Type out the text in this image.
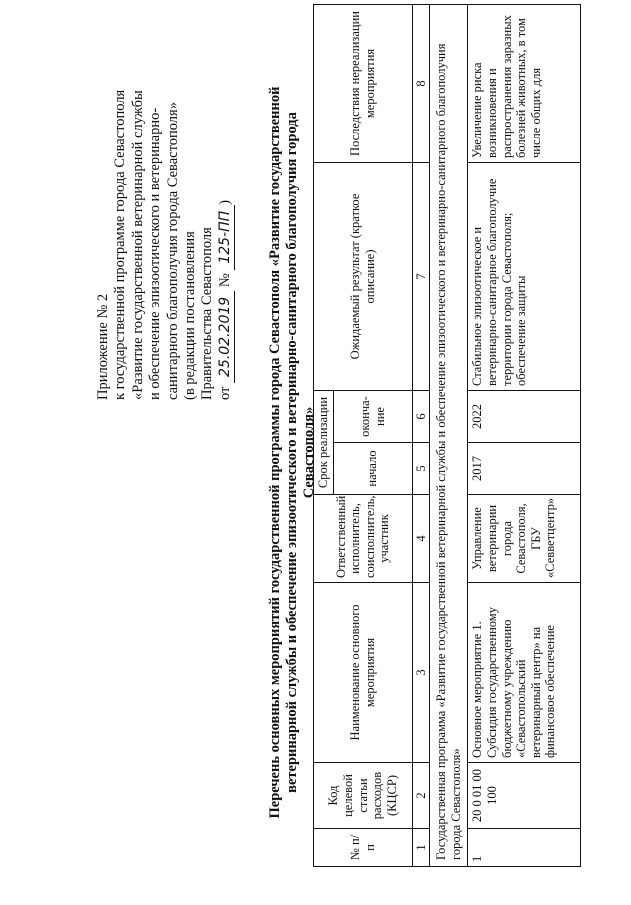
Приложение № 2 к государственной программе города Севастополя «Развитие государственной ветеринарной службы и обеспечение эпизоотического и ветеринарно- санитарного благополучия города Севастополя» (в редакции постановления Правительства Севастополя от 25.02.2019 № 125-ПП) Перечень основных мероприятий государственной программы города Севастополя «Развитие государственной ветеринарной службы и обеспечение эпизоотического и ветеринарно-санитарного благополучия города Севастополя»
№ п/п	Код целевой статьи расходов (КЦСР)	Наименование основного мероприятия	Ответственный исполнитель, соисполнитель, участник	Срок реализации		Ожидаемый результат (краткое описание)	Последствия нереализации мероприятия
				начало	оконча-ние		
1	2	3	4	5	6	7	8
Государственная программа «Развитие государственной ветеринарной службы и обеспечение эпизоотического и ветеринарно-санитарного благополучия города Севастополя»							
1	20 0 01 00 100	Основное мероприятие 1. Субсидия государственному бюджетному учреждению «Севастопольский ветеринарный центр» на финансовое обеспечение	Управление ветеринарии города Севастополя, ГБУ «Севветцентр»	2017	2022	Стабильное эпизоотическое и ветеринарно-санитарное благополучие территории города Севастополя; обеспечение защиты	Увеличение риска возникновения и распространения заразных болезней животных, в том числе общих для
